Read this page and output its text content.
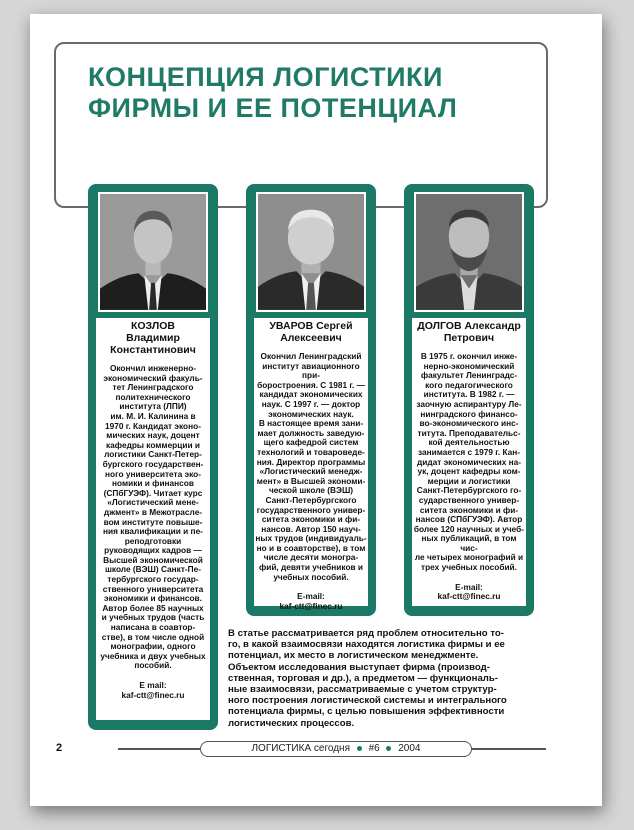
КОНЦЕПЦИЯ ЛОГИСТИКИ
ФИРМЫ И ЕЕ ПОТЕНЦИАЛ

КОЗЛОВ
Владимир
Константинович

Окончил инженерно-
экономический факуль-
тет Ленинградского
политехнического
института (ЛПИ)
им. М. И. Калинина в
1970 г. Кандидат эконо-
мических наук, доцент
кафедры коммерции и
логистики Санкт-Петер-
бургского государствен-
ного университета эко-
номики и финансов
(СПбГУЭФ). Читает курс
«Логистический мене-
джмент» в Межотрасле-
вом институте повыше-
ния квалификации и пе-
реподготовки
руководящих кадров —
Высшей экономической
школе (ВЭШ) Санкт-Пе-
тербургского государ-
ственного университета
экономики и финансов.
Автор более 85 научных
и учебных трудов (часть
написана в соавтор-
стве), в том числе одной
монографии, одного
учебника и двух учебных
пособий.

E mail:

kaf-ctt@finec.ru

УВАРОВ Сергей
Алексеевич

Окончил Ленинградский
институт авиационного при-
боростроения. С 1981 г. —
кандидат экономических
наук. С 1997 г. — доктор
экономических наук.
В настоящее время зани-
мает должность заведую-
щего кафедрой систем
технологий и товароведе-
ния. Директор программы
«Логистический менедж-
мент» в Высшей экономи-
ческой школе (ВЭШ)
Санкт-Петербургского
государственного универ-
ситета экономики и фи-
нансов. Автор 150 науч-
ных трудов (индивидуаль-
но и в соавторстве), в том
числе десяти моногра-
фий, девяти учебников и
учебных пособий.

E-mail:

kaf-ctt@finec.ru

ДОЛГОВ Александр
Петрович

В 1975 г. окончил инже-
нерно-экономический
факультет Ленинградс-
кого педагогического
института. В 1982 г. —
заочную аспирантуру Ле-
нинградского финансо-
во-экономического инс-
титута. Преподавательс-
кой деятельностью
занимается с 1979 г. Кан-
дидат экономических на-
ук, доцент кафедры ком-
мерции и логистики
Санкт-Петербургского го-
сударственного универ-
ситета экономики и фи-
нансов (СПбГУЭФ). Автор
более 120 научных и учеб-
ных публикаций, в том чис-
ле четырех монографий и
трех учебных пособий.

E-mail:

kaf-ctt@finec.ru

В статье рассматривается ряд проблем относительно то-
го, в какой взаимосвязи находятся логистика фирмы и ее
потенциал, их место в логистическом менеджменте.
Объектом исследования выступает фирма (производ-
ственная, торговая и др.), а предметом — функциональ-
ные взаимосвязи, рассматриваемые с учетом структур-
ного построения логистической системы и интегрального
потенциала фирмы, с целью повышения эффективности
логистических процессов.

2	ЛОГИСТИКА сегодня #6 2004
